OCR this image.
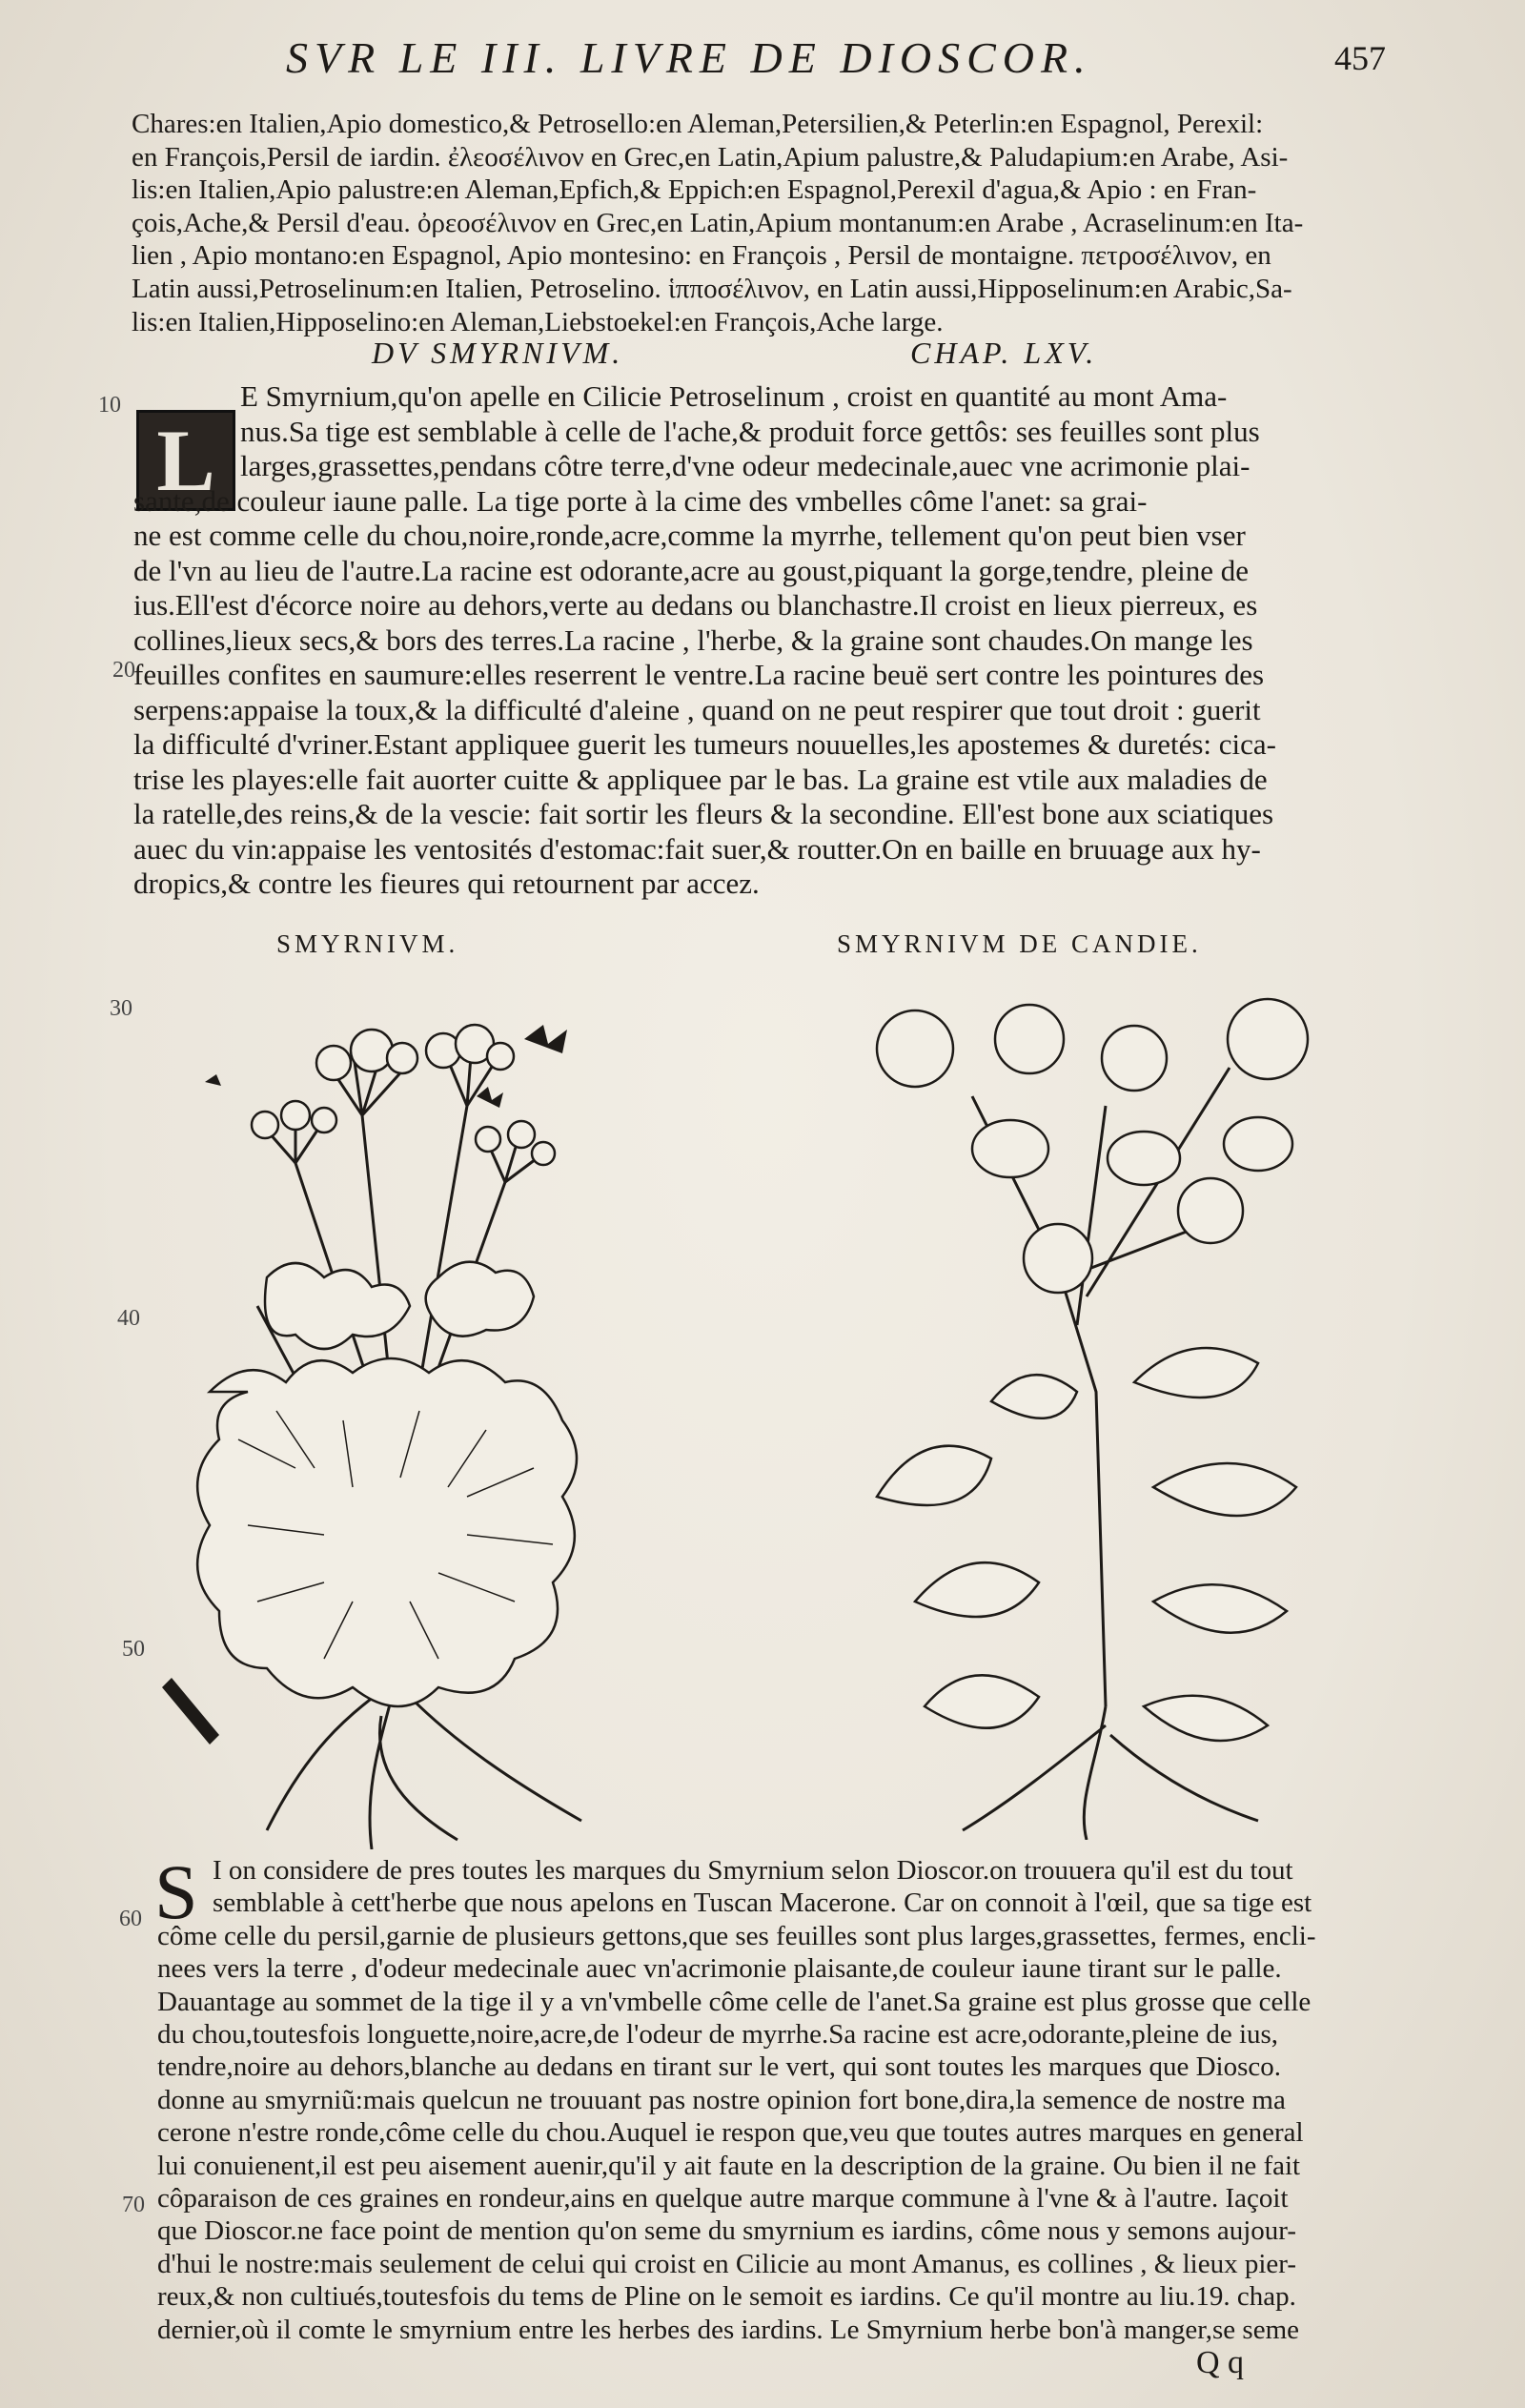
SVR LE III. LIVRE DE DIOSCOR.	457
Chares:en Italien,Apio domestico,& Petrosello:en Aleman,Petersilien,& Peterlin:en Espagnol, Perexil:
en François,Persil de iardin. ἐλεοσέλινον en Grec,en Latin,Apium palustre,& Paludapium:en Arabe, Asi-
lis:en Italien,Apio palustre:en Aleman,Epfich,& Eppich:en Espagnol,Perexil d'agua,& Apio : en Fran-
çois,Ache,& Persil d'eau. ὀρεοσέλινον en Grec,en Latin,Apium montanum:en Arabe , Acraselinum:en Ita-
lien , Apio montano:en Espagnol, Apio montesino: en François , Persil de montaigne. πετροσέλινον, en
Latin aussi,Petroselinum:en Italien, Petroselino. ἱπποσέλινον, en Latin aussi,Hipposelinum:en Arabic,Sa-
lis:en Italien,Hipposelino:en Aleman,Liebstoekel:en François,Ache large.
DV SMYRNIVM.	CHAP. LXV.
L
E Smyrnium,qu'on apelle en Cilicie Petroselinum , croist en quantité au mont Ama-
nus.Sa tige est semblable à celle de l'ache,& produit force gettôs: ses feuilles sont plus
larges,grassettes,pendans côtre terre,d'vne odeur medecinale,auec vne acrimonie plai-
sante,de couleur iaune palle. La tige porte à la cime des vmbelles côme l'anet: sa grai-
ne est comme celle du chou,noire,ronde,acre,comme la myrrhe, tellement qu'on peut bien vser
de l'vn au lieu de l'autre.La racine est odorante,acre au goust,piquant la gorge,tendre, pleine de
ius.Ell'est d'écorce noire au dehors,verte au dedans ou blanchastre.Il croist en lieux pierreux, es
collines,lieux secs,& bors des terres.La racine , l'herbe, & la graine sont chaudes.On mange les
feuilles confites en saumure:elles reserrent le ventre.La racine beuë sert contre les pointures des
serpens:appaise la toux,& la difficulté d'aleine , quand on ne peut respirer que tout droit : guerit
la difficulté d'vriner.Estant appliquee guerit les tumeurs nouuelles,les apostemes & duretés: cica-
trise les playes:elle fait auorter cuitte & appliquee par le bas. La graine est vtile aux maladies de
la ratelle,des reins,& de la vescie: fait sortir les fleurs & la secondine. Ell'est bone aux sciatiques
auec du vin:appaise les ventosités d'estomac:fait suer,& routter.On en baille en bruuage aux hy-
dropics,& contre les fieures qui retournent par accez.
SMYRNIVM.	SMYRNIVM DE CANDIE.
S I on considere de pres toutes les marques du Smyrnium selon Dioscor.on trouuera qu'il est du tout
semblable à cett'herbe que nous apelons en Tuscan Macerone. Car on connoit à l'œil, que sa tige est
côme celle du persil,garnie de plusieurs gettons,que ses feuilles sont plus larges,grassettes, fermes, encli-
nees vers la terre , d'odeur medecinale auec vn'acrimonie plaisante,de couleur iaune tirant sur le palle.
Dauantage au sommet de la tige il y a vn'vmbelle côme celle de l'anet.Sa graine est plus grosse que celle
du chou,toutesfois longuette,noire,acre,de l'odeur de myrrhe.Sa racine est acre,odorante,pleine de ius,
tendre,noire au dehors,blanche au dedans en tirant sur le vert, qui sont toutes les marques que Diosco.
donne au smyrniũ:mais quelcun ne trouuant pas nostre opinion fort bone,dira,la semence de nostre ma
cerone n'estre ronde,côme celle du chou.Auquel ie respon que,veu que toutes autres marques en general
lui conuienent,il est peu aisement auenir,qu'il y ait faute en la description de la graine. Ou bien il ne fait
côparaison de ces graines en rondeur,ains en quelque autre marque commune à l'vne & à l'autre. Iaçoit
que Dioscor.ne face point de mention qu'on seme du smyrnium es iardins, côme nous y semons aujour-
d'hui le nostre:mais seulement de celui qui croist en Cilicie au mont Amanus, es collines , & lieux pier-
reux,& non cultiués,toutesfois du tems de Pline on le semoit es iardins. Ce qu'il montre au liu.19. chap.
dernier,où il comte le smyrnium entre les herbes des iardins. Le Smyrnium herbe bon'à manger,se seme
10
20
30
40
50
60
70
Q q
